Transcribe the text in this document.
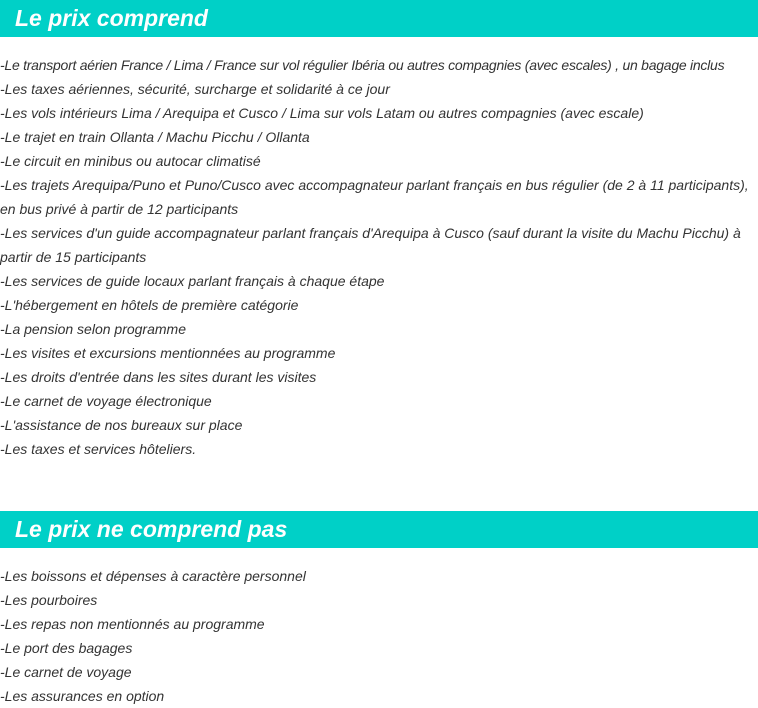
Le prix comprend
-Le transport aérien France / Lima / France sur vol régulier Ibéria ou autres compagnies (avec escales) , un bagage inclus
-Les taxes aériennes, sécurité, surcharge et solidarité à ce jour
-Les vols intérieurs Lima / Arequipa et Cusco / Lima sur vols Latam ou autres compagnies (avec escale)
-Le trajet en train Ollanta / Machu Picchu / Ollanta
-Le circuit en minibus ou autocar climatisé
-Les trajets Arequipa/Puno et Puno/Cusco avec accompagnateur parlant français en bus régulier (de 2 à 11 participants), en bus privé à partir de 12 participants
-Les services d'un guide accompagnateur parlant français d'Arequipa à Cusco (sauf durant la visite du Machu Picchu) à partir de 15 participants
-Les services de guide locaux parlant français à chaque étape
-L'hébergement en hôtels de première catégorie
-La pension selon programme
-Les visites et excursions mentionnées au programme
-Les droits d'entrée dans les sites durant les visites
-Le carnet de voyage électronique
-L'assistance de nos bureaux sur place
-Les taxes et services hôteliers.
Le prix ne comprend pas
-Les boissons et dépenses à caractère personnel
-Les pourboires
-Les repas non mentionnés au programme
-Le port des bagages
-Le carnet de voyage
-Les assurances en option
